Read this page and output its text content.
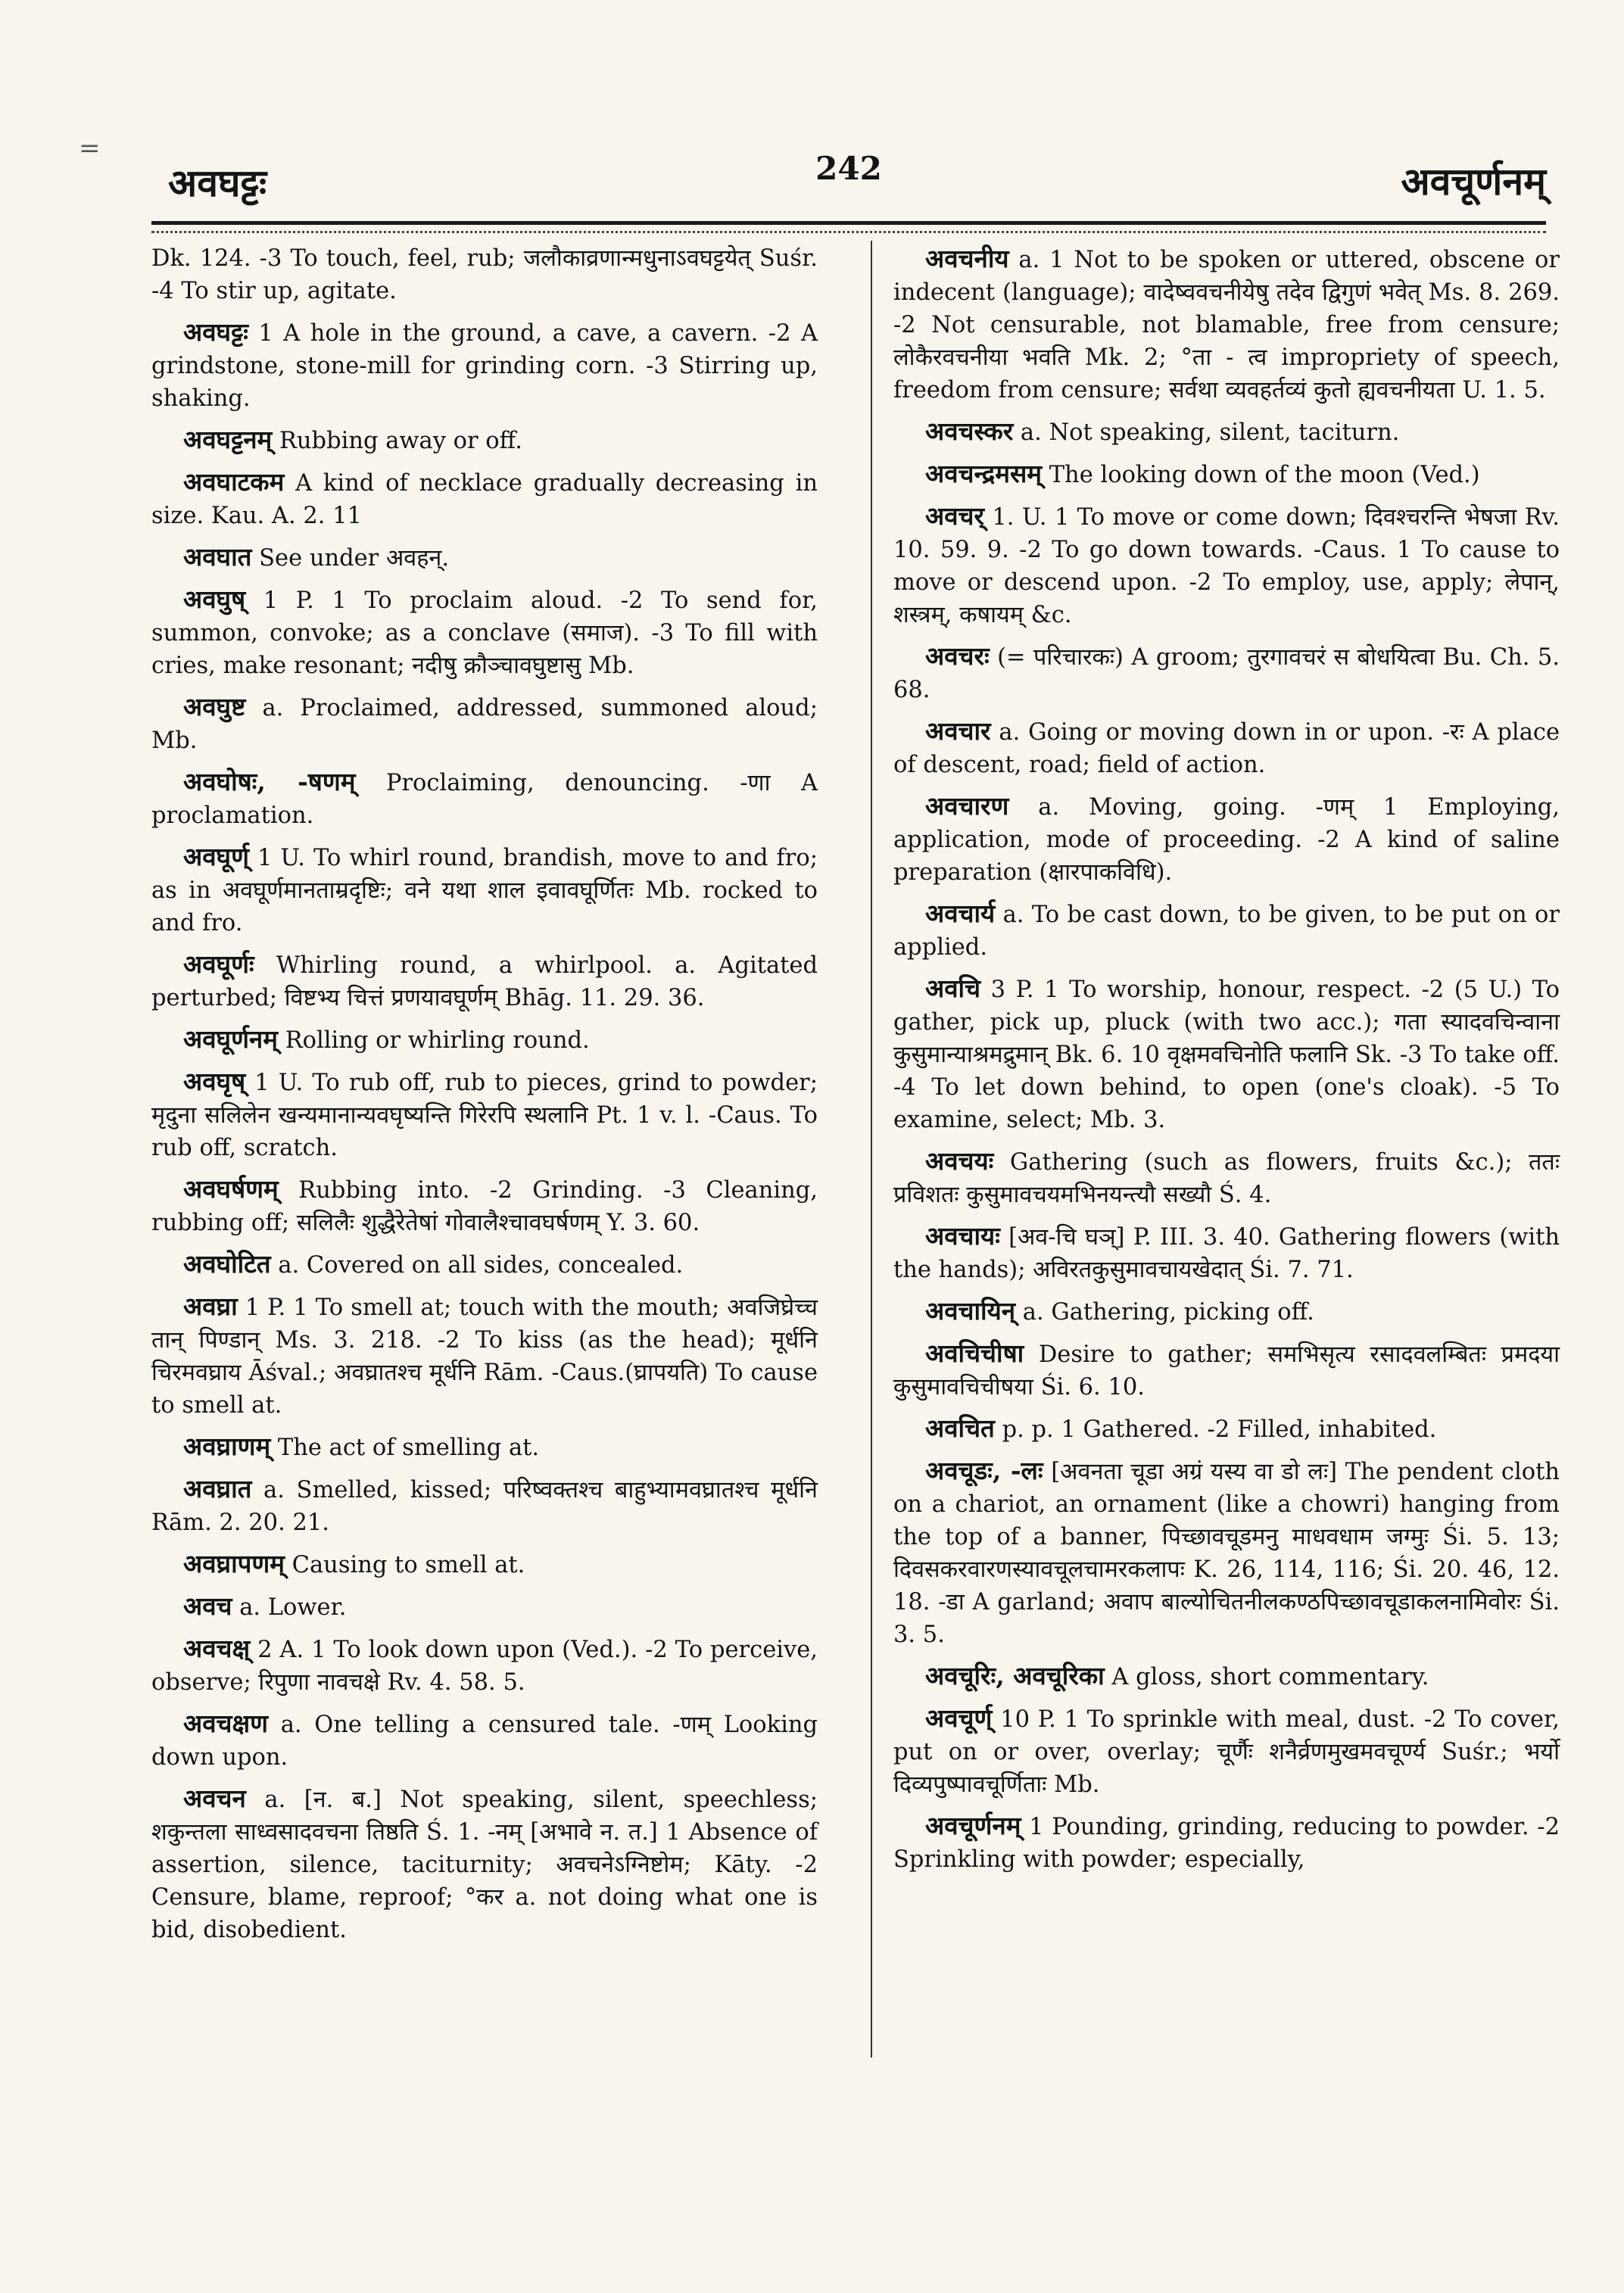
=
अवघट्टः	242	अवचूर्णनम्

Dk. 124. -3 To touch, feel, rub; जलौकाव्रणान्मधुनाऽवघट्टयेत् Suśr. -4 To stir up, agitate.

अवघट्टः 1 A hole in the ground, a cave, a cavern. -2 A grindstone, stone-mill for grinding corn. -3 Stirring up, shaking.

अवघट्टनम् Rubbing away or off.

अवघाटकम A kind of necklace gradually decreasing in size. Kau. A. 2. 11

अवघात See under अवहन्.

अवघुष् 1 P. 1 To proclaim aloud. -2 To send for, summon, convoke; as a conclave (समाज). -3 To fill with cries, make resonant; नदीषु क्रौञ्चावघुष्टासु Mb.

अवघुष्ट a. Proclaimed, addressed, summoned aloud; Mb.

अवघोषः, -षणम् Proclaiming, denouncing. -णा A proclamation.

अवघूर्ण् 1 U. To whirl round, brandish, move to and fro; as in अवघूर्णमानताम्रदृष्टिः; वने यथा शाल इवावघूर्णितः Mb. rocked to and fro.

अवघूर्णः Whirling round, a whirlpool. a. Agitated perturbed; विष्टभ्य चित्तं प्रणयावघूर्णम् Bhāg. 11. 29. 36.

अवघूर्णनम् Rolling or whirling round.

अवघृष् 1 U. To rub off, rub to pieces, grind to powder; मृदुना सलिलेन खन्यमानान्यवघृष्यन्ति गिरेरपि स्थलानि Pt. 1 v. l. -Caus. To rub off, scratch.

अवघर्षणम् Rubbing into. -2 Grinding. -3 Cleaning, rubbing off; सलिलैः शुद्धैरेतेषां गोवालैश्चावघर्षणम् Y. 3. 60.

अवघोटित a. Covered on all sides, concealed.

अवघ्रा 1 P. 1 To smell at; touch with the mouth; अवजिघ्रेच्च तान् पिण्डान् Ms. 3. 218. -2 To kiss (as the head); मूर्धनि चिरमवघ्राय Āśval.; अवघ्रातश्च मूर्धनि Rām. -Caus.(घ्रापयति) To cause to smell at.

अवघ्राणम् The act of smelling at.

अवघ्रात a. Smelled, kissed; परिष्वक्तश्च बाहुभ्यामवघ्रातश्च मूर्धनि Rām. 2. 20. 21.

अवघ्रापणम् Causing to smell at.

अवच a. Lower.

अवचक्ष् 2 A. 1 To look down upon (Ved.). -2 To perceive, observe; रिपुणा नावचक्षे Rv. 4. 58. 5.

अवचक्षण a. One telling a censured tale. -णम् Looking down upon.

अवचन a. [न. ब.] Not speaking, silent, speechless; शकुन्तला साध्वसादवचना तिष्ठति Ś. 1. -नम् [अभावे न. त.] 1 Absence of assertion, silence, taciturnity; अवचनेऽग्निष्टोम; Kāty. -2 Censure, blame, reproof; °कर a. not doing what one is bid, disobedient.

अवचनीय a. 1 Not to be spoken or uttered, obscene or indecent (language); वादेष्ववचनीयेषु तदेव द्विगुणं भवेत् Ms. 8. 269. -2 Not censurable, not blamable, free from censure; लोकैरवचनीया भवति Mk. 2; °ता - त्व impropriety of speech, freedom from censure; सर्वथा व्यवहर्तव्यं कुतो ह्यवचनीयता U. 1. 5.

अवचस्कर a. Not speaking, silent, taciturn.

अवचन्द्रमसम् The looking down of the moon (Ved.)

अवचर् 1. U. 1 To move or come down; दिवश्चरन्ति भेषजा Rv. 10. 59. 9. -2 To go down towards. -Caus. 1 To cause to move or descend upon. -2 To employ, use, apply; लेपान्, शस्त्रम्, कषायम् &c.

अवचरः (= परिचारकः) A groom; तुरगावचरं स बोधयित्वा Bu. Ch. 5. 68.

अवचार a. Going or moving down in or upon. -रः A place of descent, road; field of action.

अवचारण a. Moving, going. -णम् 1 Employing, application, mode of proceeding. -2 A kind of saline preparation (क्षारपाकविधि).

अवचार्य a. To be cast down, to be given, to be put on or applied.

अवचि 3 P. 1 To worship, honour, respect. -2 (5 U.) To gather, pick up, pluck (with two acc.); गता स्यादवचिन्वाना कुसुमान्याश्रमद्रुमान् Bk. 6. 10 वृक्षमवचिनोति फलानि Sk. -3 To take off. -4 To let down behind, to open (one's cloak). -5 To examine, select; Mb. 3.

अवचयः Gathering (such as flowers, fruits &c.); ततः प्रविशतः कुसुमावचयमभिनयन्त्यौ सख्यौ Ś. 4.

अवचायः [अव-चि घञ्] P. III. 3. 40. Gathering flowers (with the hands); अविरतकुसुमावचायखेदात् Śi. 7. 71.

अवचायिन् a. Gathering, picking off.

अवचिचीषा Desire to gather; समभिसृत्य रसादवलम्बितः प्रमदया कुसुमावचिचीषया Śi. 6. 10.

अवचित p. p. 1 Gathered. -2 Filled, inhabited.

अवचूडः, -लः [अवनता चूडा अग्रं यस्य वा डो लः] The pendent cloth on a chariot, an ornament (like a chowri) hanging from the top of a banner, पिच्छावचूडमनु माधवधाम जग्मुः Śi. 5. 13; दिवसकरवारणस्यावचूलचामरकलापः K. 26, 114, 116; Śi. 20. 46, 12. 18. -डा A garland; अवाप बाल्योचितनीलकण्ठपिच्छावचूडाकलनामिवोरः Śi. 3. 5.

अवचूरिः, अवचूरिका A gloss, short commentary.

अवचूर्ण् 10 P. 1 To sprinkle with meal, dust. -2 To cover, put on or over, overlay; चूर्णैः शनैर्व्रणमुखमवचूर्ण्य Suśr.; भर्यो दिव्यपुष्पावचूर्णिताः Mb.

अवचूर्णनम् 1 Pounding, grinding, reducing to powder. -2 Sprinkling with powder; especially,
